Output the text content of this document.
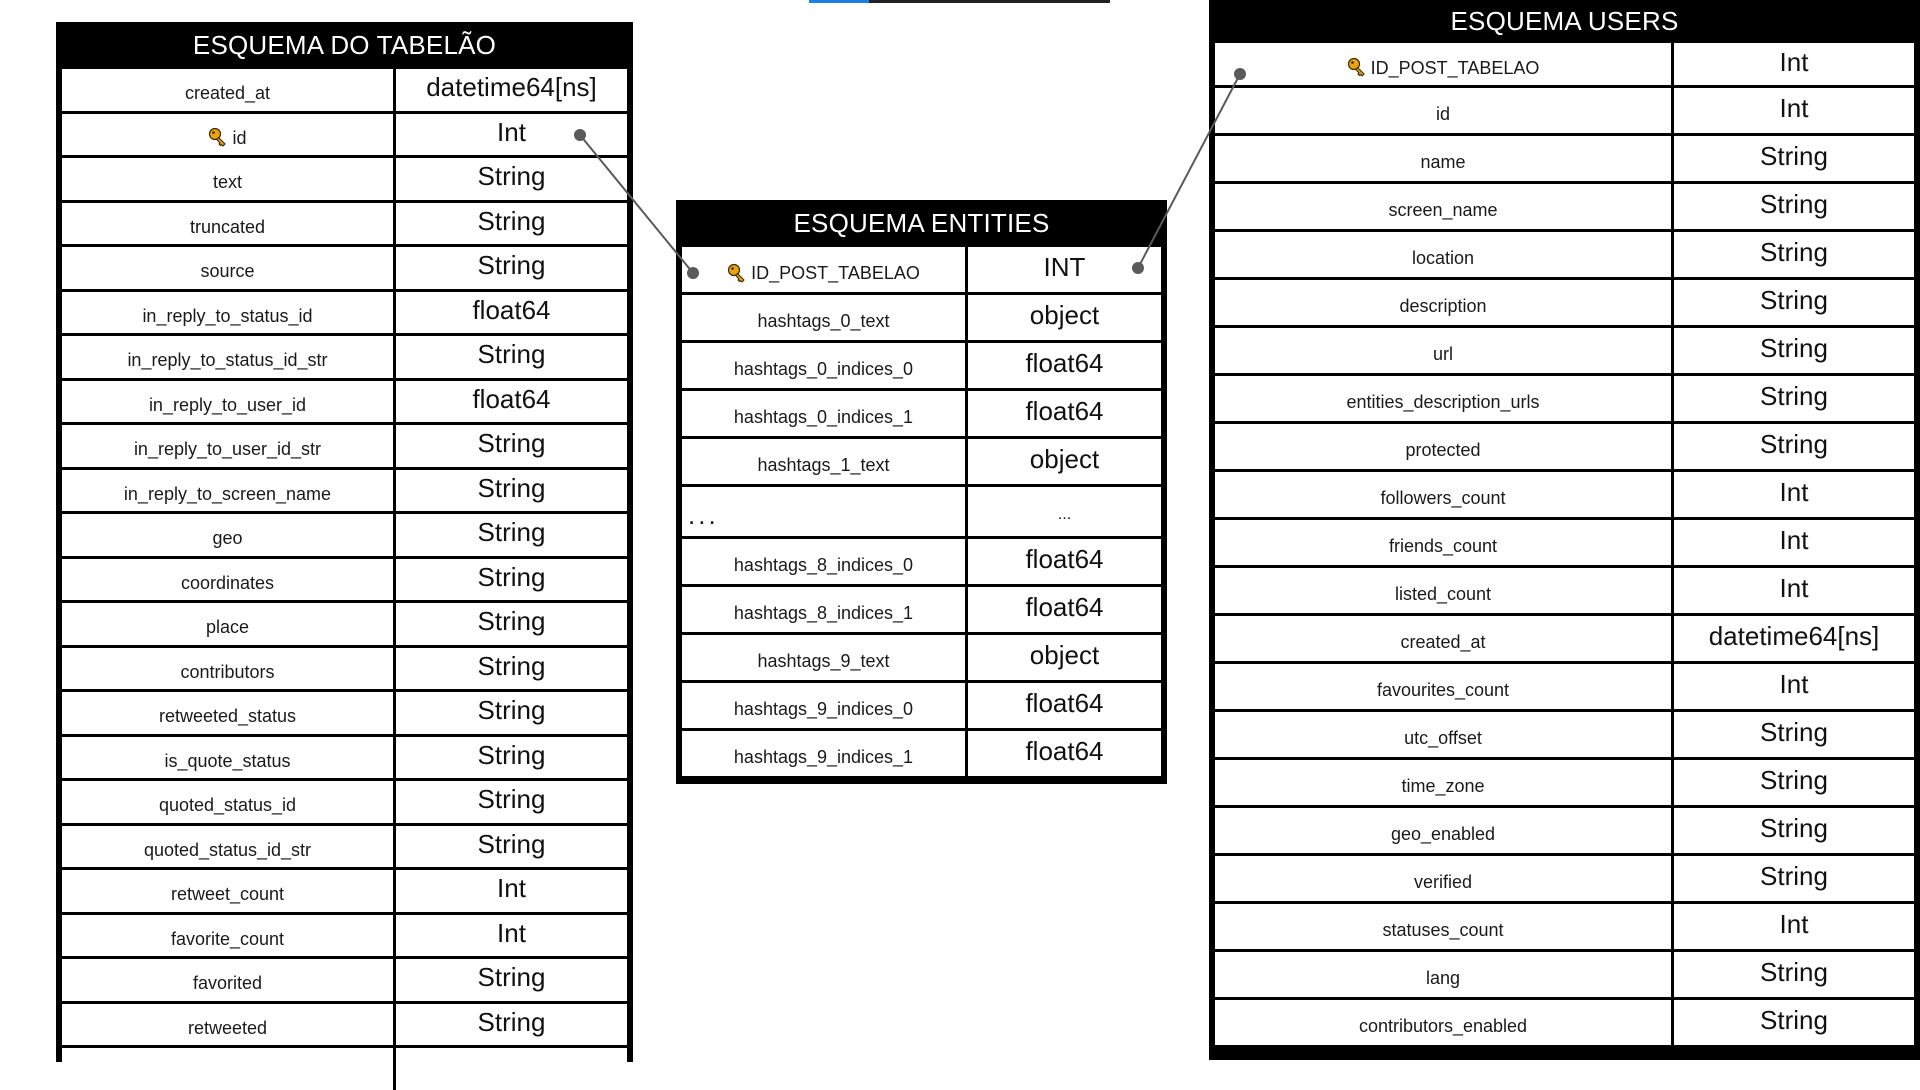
ESQUEMA DO TABELÃO
created_at	datetime64[ns]
id	Int
text	String
truncated	String
source	String
in_reply_to_status_id	float64
in_reply_to_status_id_str	String
in_reply_to_user_id	float64
in_reply_to_user_id_str	String
in_reply_to_screen_name	String
geo	String
coordinates	String
place	String
contributors	String
retweeted_status	String
is_quote_status	String
quoted_status_id	String
quoted_status_id_str	String
retweet_count	Int
favorite_count	Int
favorited	String
retweeted	String
ESQUEMA ENTITIES
ID_POST_TABELAO	INT
hashtags_0_text	object
hashtags_0_indices_0	float64
hashtags_0_indices_1	float64
hashtags_1_text	object
...	...
hashtags_8_indices_0	float64
hashtags_8_indices_1	float64
hashtags_9_text	object
hashtags_9_indices_0	float64
hashtags_9_indices_1	float64
ESQUEMA USERS
ID_POST_TABELAO	Int
id	Int
name	String
screen_name	String
location	String
description	String
url	String
entities_description_urls	String
protected	String
followers_count	Int
friends_count	Int
listed_count	Int
created_at	datetime64[ns]
favourites_count	Int
utc_offset	String
time_zone	String
geo_enabled	String
verified	String
statuses_count	Int
lang	String
contributors_enabled	String
